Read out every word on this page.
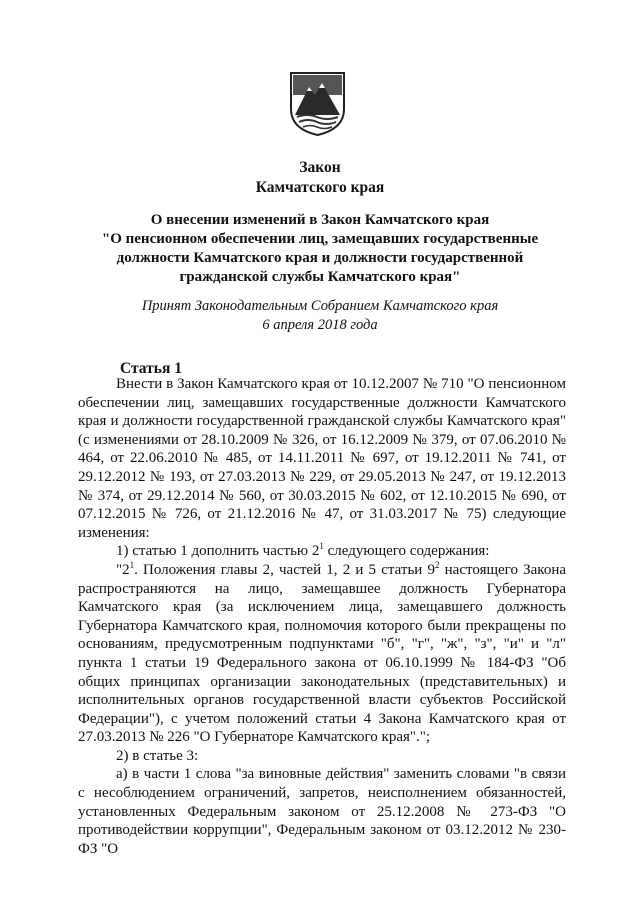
Закон
Камчатского края
О внесении изменений в Закон Камчатского края
"О пенсионном обеспечении лиц, замещавших государственные
должности Камчатского края и должности государственной
гражданской службы Камчатского края"
Принят Законодательным Собранием Камчатского края
6 апреля 2018 года
Статья 1

Внести в Закон Камчатского края от 10.12.2007 № 710 "О пенсионном обеспечении лиц, замещавших государственные должности Камчатского края и должности государственной гражданской службы Камчатского края" (с изменениями от 28.10.2009 № 326, от 16.12.2009 № 379, от 07.06.2010 № 464, от 22.06.2010 № 485, от 14.11.2011 № 697, от 19.12.2011 № 741, от 29.12.2012 № 193, от 27.03.2013 № 229, от 29.05.2013 № 247, от 19.12.2013 № 374, от 29.12.2014 № 560, от 30.03.2015 № 602, от 12.10.2015 № 690, от 07.12.2015 № 726, от 21.12.2016 № 47, от 31.03.2017 № 75) следующие изменения:

1) статью 1 дополнить частью $2^1$ следующего содержания:

"$2^1$. Положения главы 2, частей 1, 2 и 5 статьи $9^2$ настоящего Закона распространяются на лицо, замещавшее должность Губернатора Камчатского края (за исключением лица, замещавшего должность Губернатора Камчатского края, полномочия которого были прекращены по основаниям, предусмотренным подпунктами "б", "г", "ж", "з", "и" и "л" пункта 1 статьи 19 Федерального закона от 06.10.1999 № 184-ФЗ "Об общих принципах организации законодательных (представительных) и исполнительных органов государственной власти субъектов Российской Федерации"), с учетом положений статьи 4 Закона Камчатского края от 27.03.2013 № 226 "О Губернаторе Камчатского края".";

2) в статье 3:

а) в части 1 слова "за виновные действия" заменить словами "в связи с несоблюдением ограничений, запретов, неисполнением обязанностей, установленных Федеральным законом от 25.12.2008 № 273-ФЗ "О противодействии коррупции", Федеральным законом от 03.12.2012 № 230-ФЗ "О
